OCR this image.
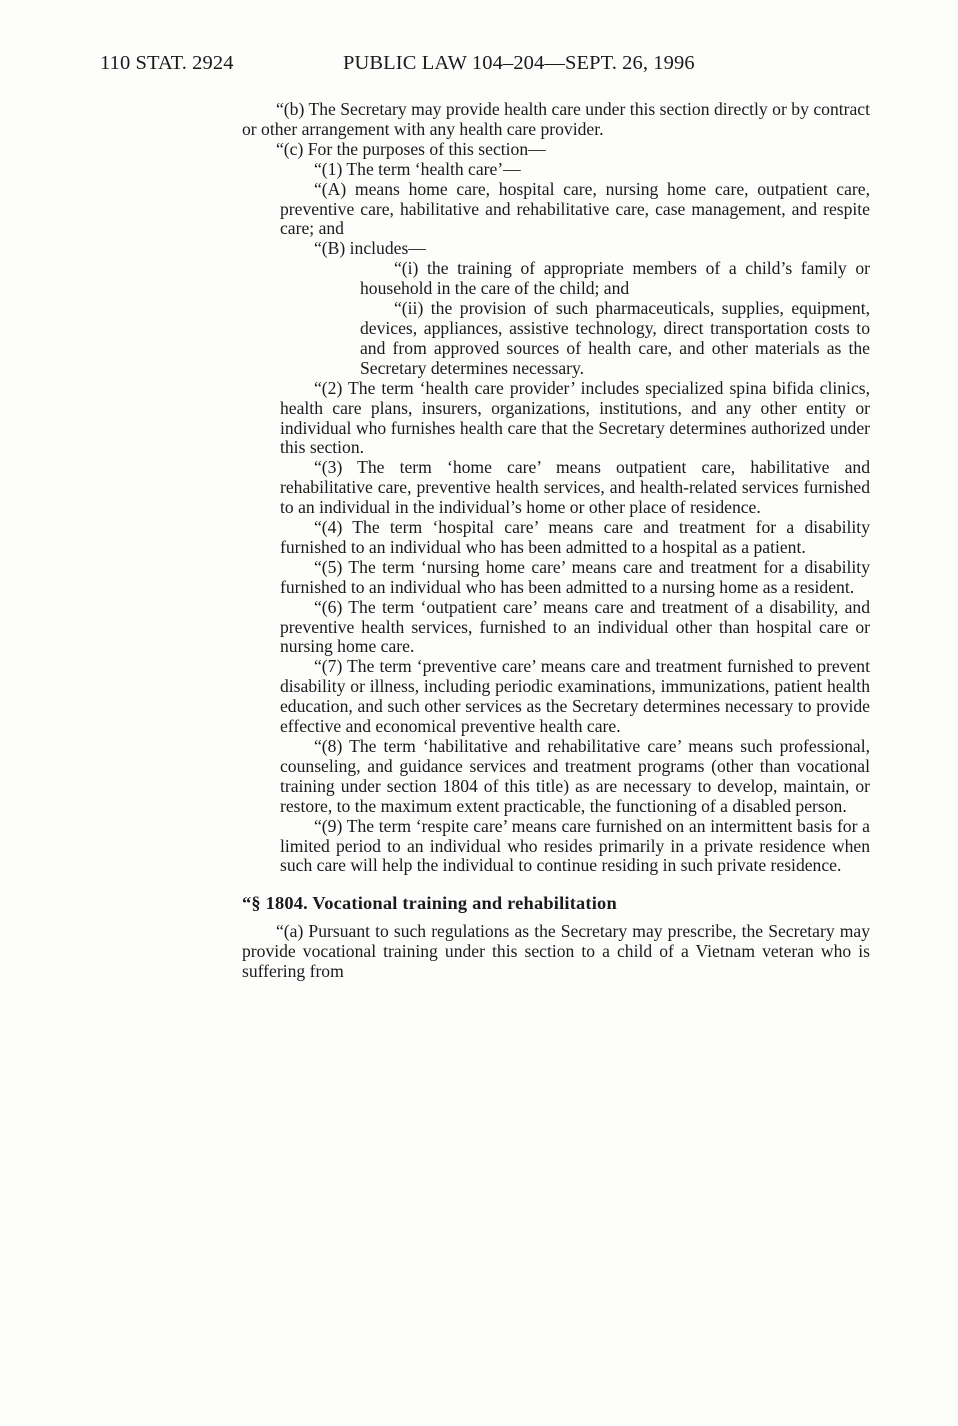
110 STAT. 2924	PUBLIC LAW 104–204—SEPT. 26, 1996

“(b) The Secretary may provide health care under this section directly or by contract or other arrangement with any health care provider.

“(c) For the purposes of this section—

“(1) The term ‘health care’—

“(A) means home care, hospital care, nursing home care, outpatient care, preventive care, habilitative and rehabilitative care, case management, and respite care; and

“(B) includes—

“(i) the training of appropriate members of a child’s family or household in the care of the child; and

“(ii) the provision of such pharmaceuticals, supplies, equipment, devices, appliances, assistive technology, direct transportation costs to and from approved sources of health care, and other materials as the Secretary determines necessary.

“(2) The term ‘health care provider’ includes specialized spina bifida clinics, health care plans, insurers, organizations, institutions, and any other entity or individual who furnishes health care that the Secretary determines authorized under this section.

“(3) The term ‘home care’ means outpatient care, habilitative and rehabilitative care, preventive health services, and health-related services furnished to an individual in the individual’s home or other place of residence.

“(4) The term ‘hospital care’ means care and treatment for a disability furnished to an individual who has been admitted to a hospital as a patient.

“(5) The term ‘nursing home care’ means care and treatment for a disability furnished to an individual who has been admitted to a nursing home as a resident.

“(6) The term ‘outpatient care’ means care and treatment of a disability, and preventive health services, furnished to an individual other than hospital care or nursing home care.

“(7) The term ‘preventive care’ means care and treatment furnished to prevent disability or illness, including periodic examinations, immunizations, patient health education, and such other services as the Secretary determines necessary to provide effective and economical preventive health care.

“(8) The term ‘habilitative and rehabilitative care’ means such professional, counseling, and guidance services and treatment programs (other than vocational training under section 1804 of this title) as are necessary to develop, maintain, or restore, to the maximum extent practicable, the functioning of a disabled person.

“(9) The term ‘respite care’ means care furnished on an intermittent basis for a limited period to an individual who resides primarily in a private residence when such care will help the individual to continue residing in such private residence.

“§ 1804. Vocational training and rehabilitation

“(a) Pursuant to such regulations as the Secretary may prescribe, the Secretary may provide vocational training under this section to a child of a Vietnam veteran who is suffering from
